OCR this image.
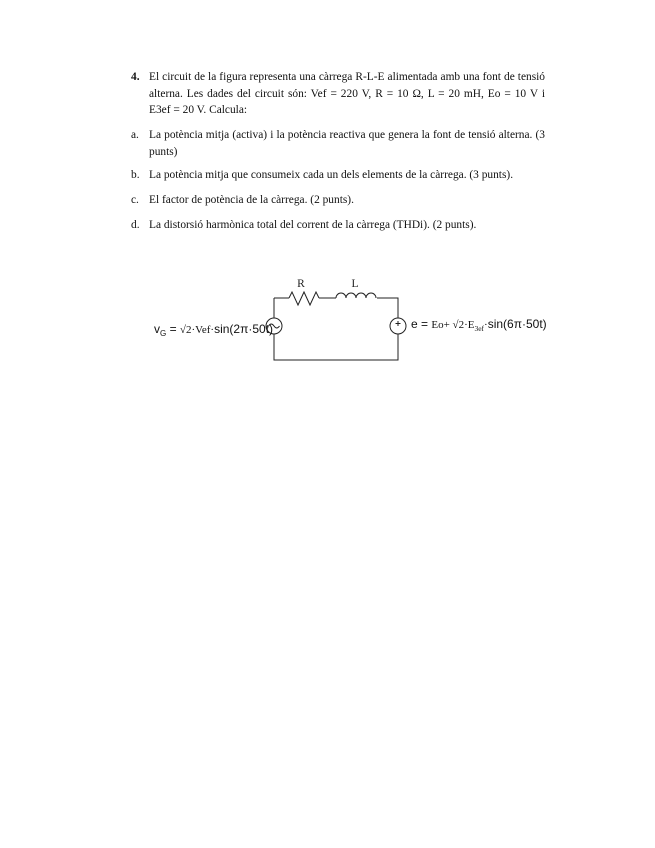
4. El circuit de la figura representa una càrrega R-L-E alimentada amb una font de tensió alterna. Les dades del circuit són: Vef = 220 V, R = 10 Ω, L = 20 mH, Eo = 10 V i E3ef = 20 V. Calcula:
a. La potència mitja (activa) i la potència reactiva que genera la font de tensió alterna. (3 punts)
b. La potència mitja que consumeix cada un dels elements de la càrrega. (3 punts).
c. El factor de potència de la càrrega. (2 punts).
d. La distorsió harmònica total del corrent de la càrrega (THDi). (2 punts).
R	L
$v_G = √2\cdot Vef\cdot\sin(2\pi\cdot 50t)$	$e = Eo+ √2\cdot E_{3ef}\cdot\sin(6\pi\cdot 50t)$
